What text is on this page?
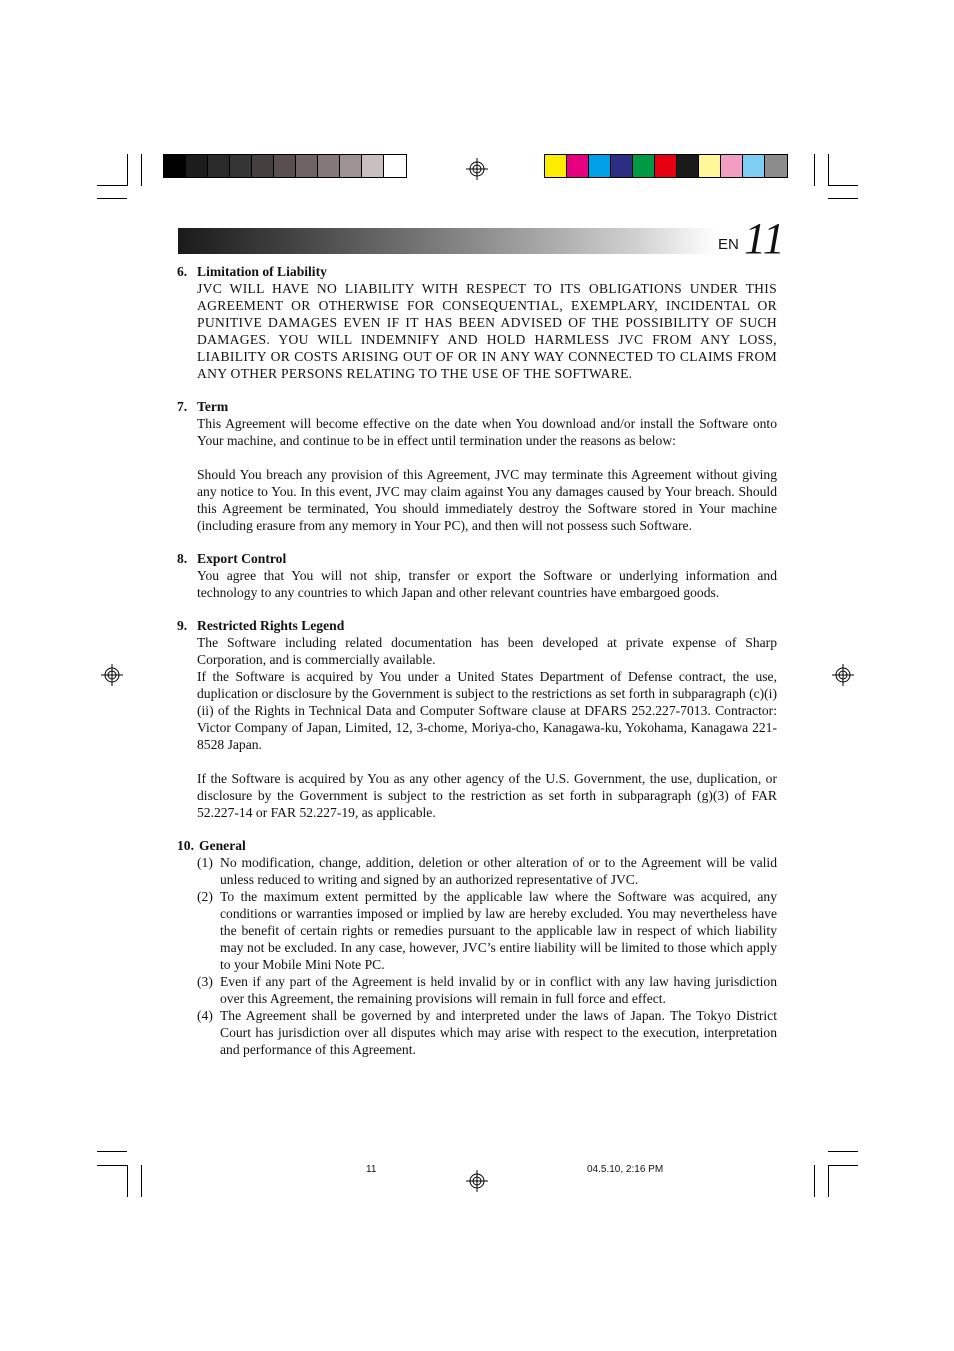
EN 11
6. Limitation of Liability

JVC WILL HAVE NO LIABILITY WITH RESPECT TO ITS OBLIGATIONS UNDER THIS AGREEMENT OR OTHERWISE FOR CONSEQUENTIAL, EXEMPLARY, INCIDENTAL OR PUNITIVE DAMAGES EVEN IF IT HAS BEEN ADVISED OF THE POSSIBILITY OF SUCH DAMAGES. YOU WILL INDEMNIFY AND HOLD HARMLESS JVC FROM ANY LOSS, LIABILITY OR COSTS ARISING OUT OF OR IN ANY WAY CONNECTED TO CLAIMS FROM ANY OTHER PERSONS RELATING TO THE USE OF THE SOFTWARE.

7. Term

This Agreement will become effective on the date when You download and/or install the Software onto Your machine, and continue to be in effect until termination under the reasons as below:

Should You breach any provision of this Agreement, JVC may terminate this Agreement without giving any notice to You. In this event, JVC may claim against You any damages caused by Your breach. Should this Agreement be terminated, You should immediately destroy the Software stored in Your machine (including erasure from any memory in Your PC), and then will not possess such Software.

8. Export Control

You agree that You will not ship, transfer or export the Software or underlying information and technology to any countries to which Japan and other relevant countries have embargoed goods.

9. Restricted Rights Legend

The Software including related documentation has been developed at private expense of Sharp Corporation, and is commercially available.

If the Software is acquired by You under a United States Department of Defense contract, the use, duplication or disclosure by the Government is subject to the restrictions as set forth in subparagraph (c)(i)(ii) of the Rights in Technical Data and Computer Software clause at DFARS 252.227-7013. Contractor: Victor Company of Japan, Limited, 12, 3-chome, Moriya-cho, Kanagawa-ku, Yokohama, Kanagawa 221-8528 Japan.

If the Software is acquired by You as any other agency of the U.S. Government, the use, duplication, or disclosure by the Government is subject to the restriction as set forth in subparagraph (g)(3) of FAR 52.227-14 or FAR 52.227-19, as applicable.

10. General
(1) No modification, change, addition, deletion or other alteration of or to the Agreement will be valid unless reduced to writing and signed by an authorized representative of JVC.
(2) To the maximum extent permitted by the applicable law where the Software was acquired, any conditions or warranties imposed or implied by law are hereby excluded. You may nevertheless have the benefit of certain rights or remedies pursuant to the applicable law in respect of which liability may not be excluded. In any case, however, JVC’s entire liability will be limited to those which apply to your Mobile Mini Note PC.
(3) Even if any part of the Agreement is held invalid by or in conflict with any law having jurisdiction over this Agreement, the remaining provisions will remain in full force and effect.
(4) The Agreement shall be governed by and interpreted under the laws of Japan. The Tokyo District Court has jurisdiction over all disputes which may arise with respect to the execution, interpretation and performance of this Agreement.
11	04.5.10, 2:16 PM
